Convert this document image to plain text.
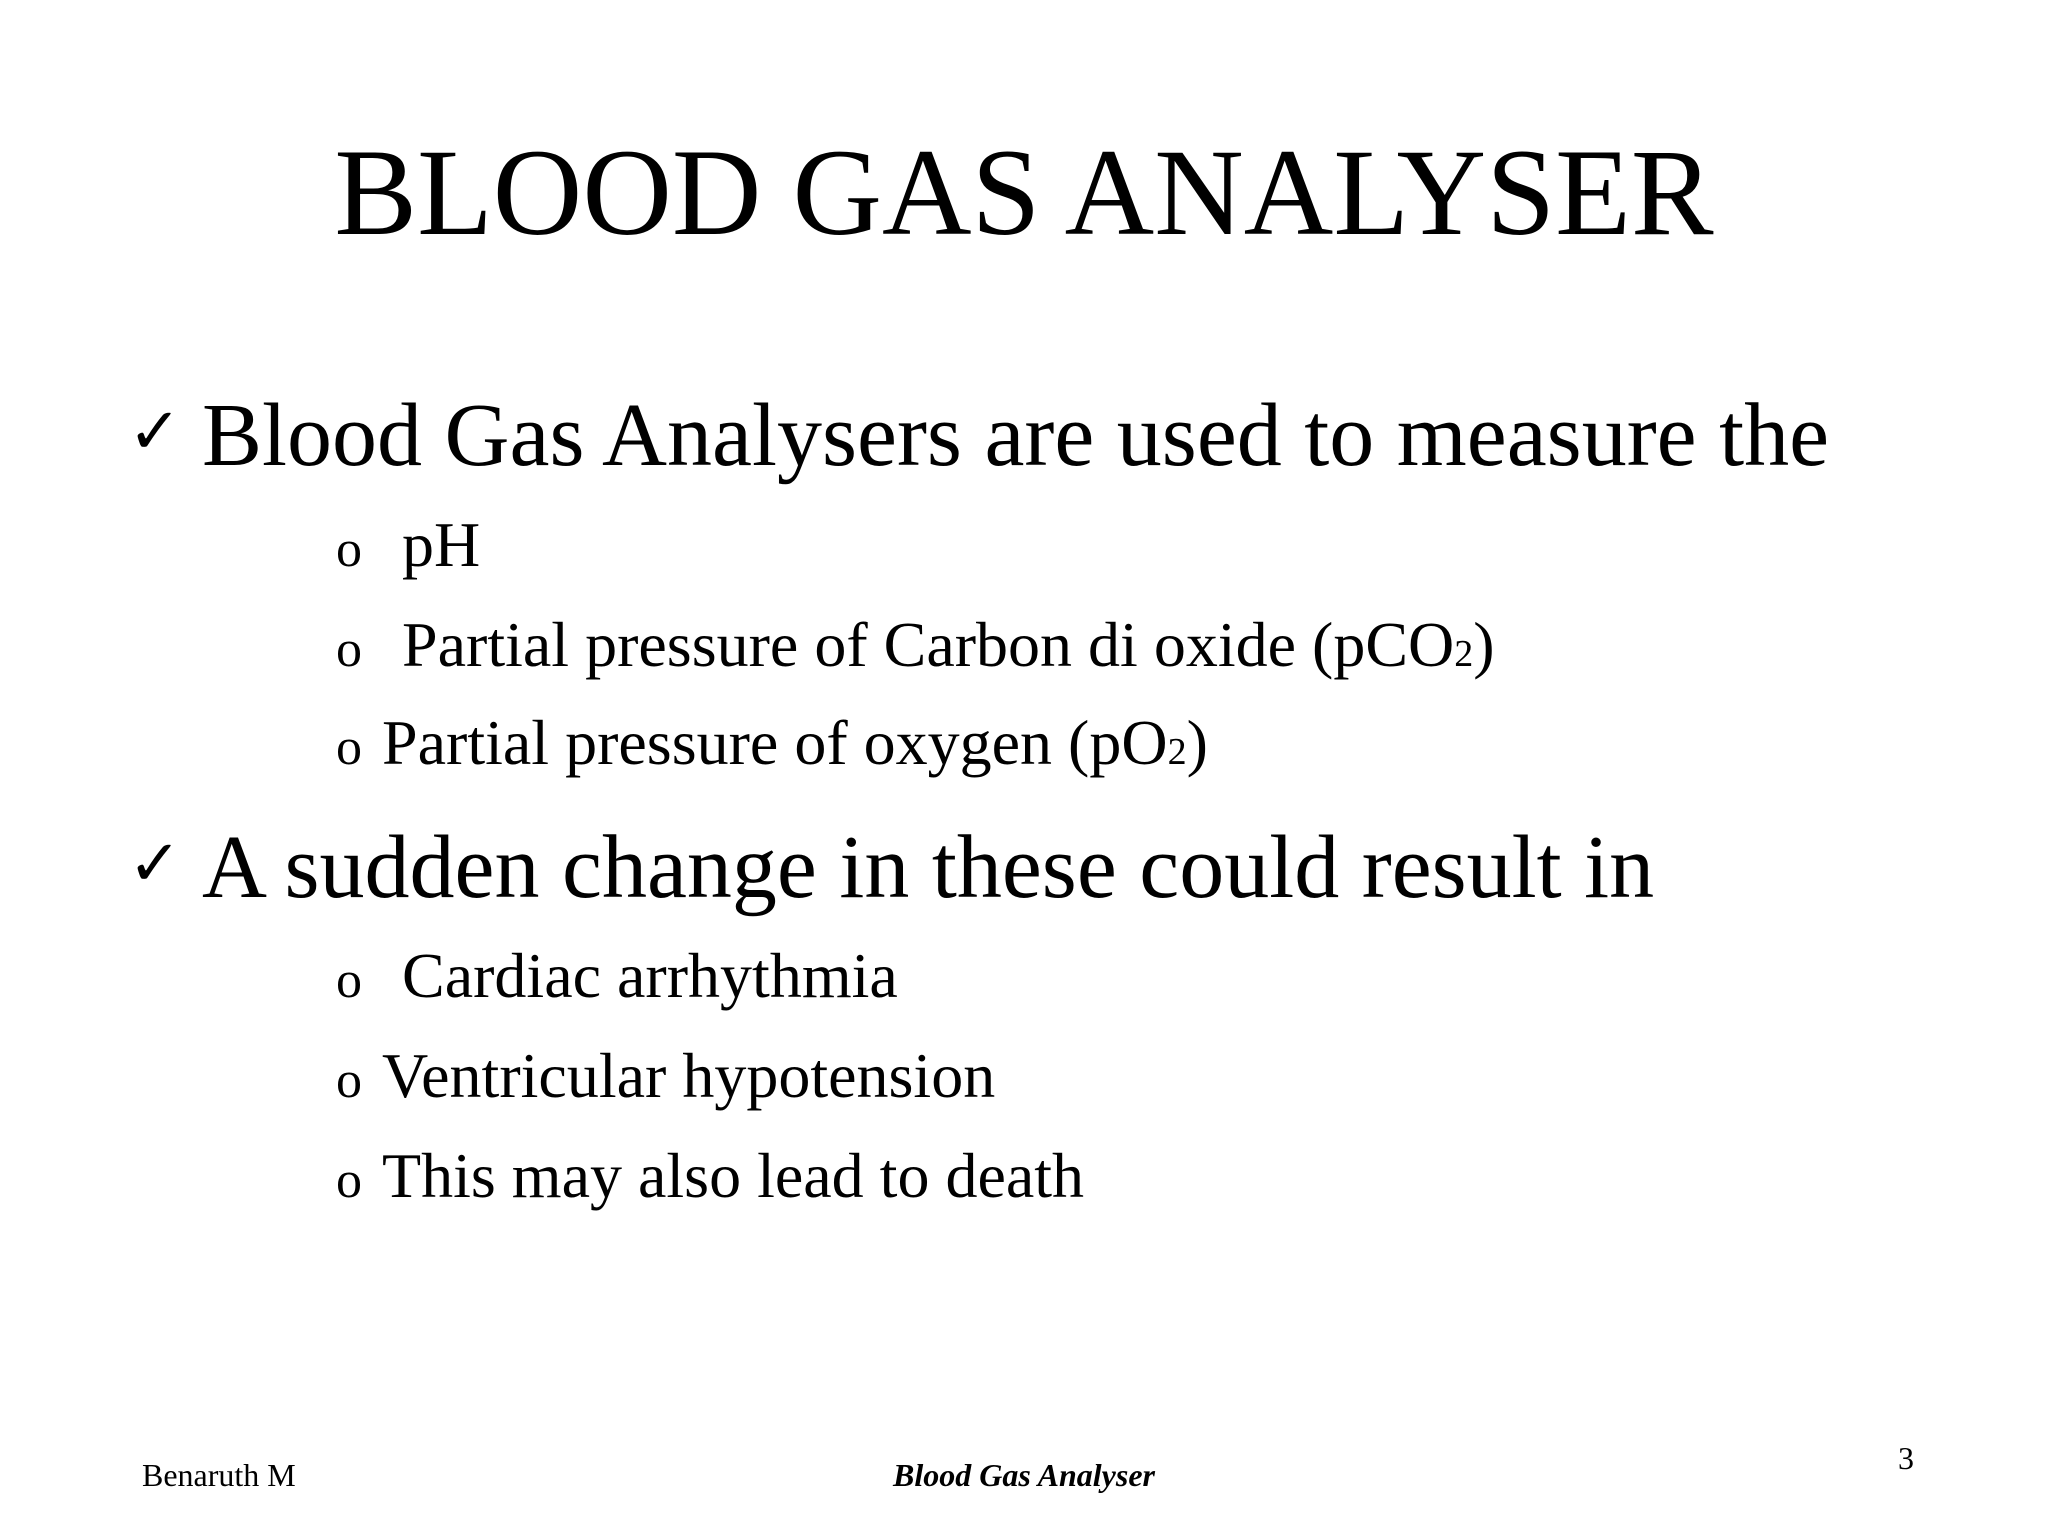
BLOOD GAS ANALYSER
✓ Blood Gas Analysers are used to measure the
o pH
o Partial pressure of Carbon di oxide (pCO2)
o Partial pressure of oxygen (pO2)
✓ A sudden change in these could result in
o Cardiac arrhythmia
o Ventricular hypotension
o This may also lead to death
Benaruth M	Blood Gas Analyser	3
